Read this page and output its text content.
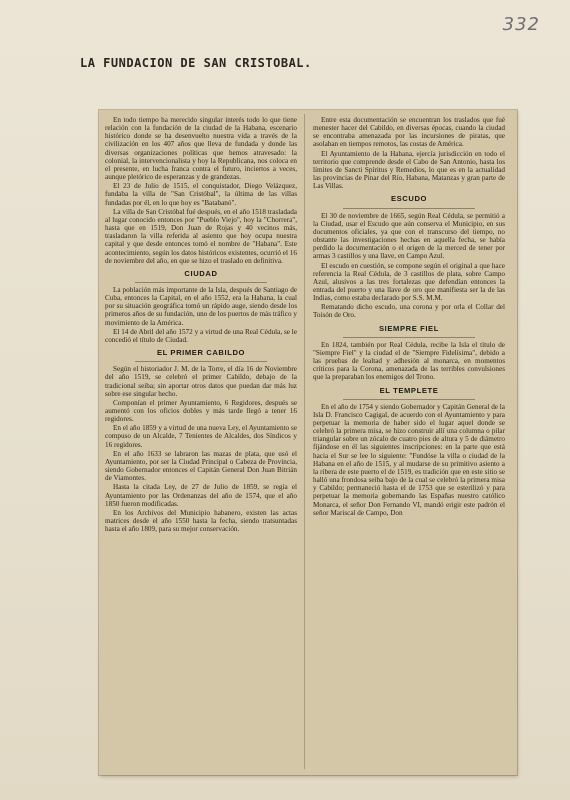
332
LA FUNDACION DE SAN CRISTOBAL.

En todo tiempo ha merecido singular interés todo lo que tiene relación con la fundación de la ciudad de la Habana, escenario histórico donde se ha desenvuelto nuestra vida a través de la civilización en los 407 años que lleva de fundada y donde las diversas organizaciones políticas que hemos atravesado: la colonial, la intervencionalista y hoy la Republicana, nos coloca en el presente, en lucha franca contra el futuro, inciertos a veces, aunque pletórico de esperanzas y de grandezas.

El 23 de Julio de 1515, el conquistador, Diego Velázquez, fundaba la villa de "San Cristóbal", la última de las villas fundadas por él, en lo que hoy es "Batabanó".

La villa de San Cristóbal fué después, en el año 1518 trasladada al lugar conocido entonces por "Pueblo Viejo", hoy la "Chorrera", hasta que en 1519, Don Juan de Rojas y 40 vecinos más, trasladaron la villa referida al asiento que hoy ocupa nuestra capital y que desde entonces tomó el nombre de "Habana". Este acontecimiento, según los datos históricos existentes, ocurrió el 16 de noviembre del año, en que se hizo el traslado en definitiva.

CIUDAD

La población más importante de la Isla, después de Santiago de Cuba, entonces la Capital, en el año 1552, era la Habana, la cual por su situación geográfica tomó un rápido auge, siendo desde los primeros años de su fundación, uno de los puertos de más tráfico y movimiento de la América.

El 14 de Abril del año 1572 y a virtud de una Real Cédula, se le concedió el título de Ciudad.

EL PRIMER CABILDO

Según el historiador J. M. de la Torre, el día 16 de Noviembre del año 1519, se celebró el primer Cabildo, debajo de la tradicional seiba; sin aportar otros datos que puedan dar más luz sobre ese singular hecho.

Componían el primer Ayuntamiento, 6 Regidores, después se aumentó con los oficios dobles y más tarde llegó a tener 16 regidores.

En el año 1859 y a virtud de una nueva Ley, el Ayuntamiento se compuso de un Alcalde, 7 Tenientes de Alcaldes, dos Síndicos y 16 regidores.

En el año 1633 se labraron las mazas de plata, que usó el Ayuntamiento, por ser la Ciudad Principal o Cabeza de Provincia, siendo Gobernador entonces el Capitán General Don Juan Bitrián de Viamontes.

Hasta la citada Ley, de 27 de Julio de 1859, se regía el Ayuntamiento por las Ordenanzas del año de 1574, que el año 1850 fueron modificadas.

En los Archivos del Municipio habanero, existen las actas matrices desde el año 1550 hasta la fecha, siendo tratsuntadas hasta el año 1809, para su mejor conservación.

Entre esta documentación se encuentran los traslados que fué menester hacer del Cabildo, en diversas épocas, cuando la ciudad se encontraba amenazada por las incursiones de piratas, que asolaban en tiempos remotos, las costas de América.

El Ayuntamiento de la Habana, ejercía jurisdicción en todo el territorio que comprende desde el Cabo de San Antonio, hasta los límites de Sancti Spíritus y Remedios, lo que es en la actualidad las provincias de Pinar del Río, Habana, Matanzas y gran parte de Las Villas.

ESCUDO

El 30 de noviembre de 1665, según Real Cédula, se permitió a la Ciudad, usar el Escudo que aún conserva el Municipio, en sus documentos oficiales, ya que con el transcurso del tiempo, no obstante las investigaciones hechas en aquella fecha, se había perdido la documentación o el origen de la merced de tener por armas 3 castillos y una llave, en Campo Azul.

El escudo en cuestión, se compone según el original a que hace referencia la Real Cédula, de 3 castillos de plata, sobre Campo Azul, alusivos a las tres fortalezas que defendían entonces la entrada del puerto y una llave de oro que manifiesta ser la de las Indias, como estaba declarado por S.S. M.M.

Rematando dicho escudo, una corona y por orla el Collar del Toisón de Oro.

SIEMPRE FIEL

En 1824, también por Real Cédula, recibe la Isla el título de "Siempre Fiel" y la ciudad el de "Siempre Fidelísima", debido a las pruebas de lealtad y adhesión al monarca, en momentos críticos para la Corona, amenazada de las terribles convulsiones que la preparaban los enemigos del Trono.

EL TEMPLETE

En el año de 1754 y siendo Gobernador y Capitán General de la Isla D. Francisco Cagigal, de acuerdo con el Ayuntamiento y para perpetuar la memoria de haber sido el lugar aquel donde se celebró la primera misa, se hizo construir allí una columna o pilar triangular sobre un zócalo de cuatro pies de altura y 5 de diámetro fijándose en él las siguientes inscripciones: en la parte que está hacia el Sur se lee lo siguiente: "Fundóse la villa o ciudad de la Habana en el año de 1515, y al mudarse de su primitivo asiento a la ribera de este puerto el de 1519, es tradición que en este sitio se halló una frondosa seiba bajo de la cual se celebró la primera misa y Cabildo; permaneció hasta el de 1753 que se esterilizó y para perpetuar la memoria gobernando las Españas nuestro católico Monarca, el señor Don Fernando VI, mandó erigir este padrón el señor Mariscal de Campo, Don
